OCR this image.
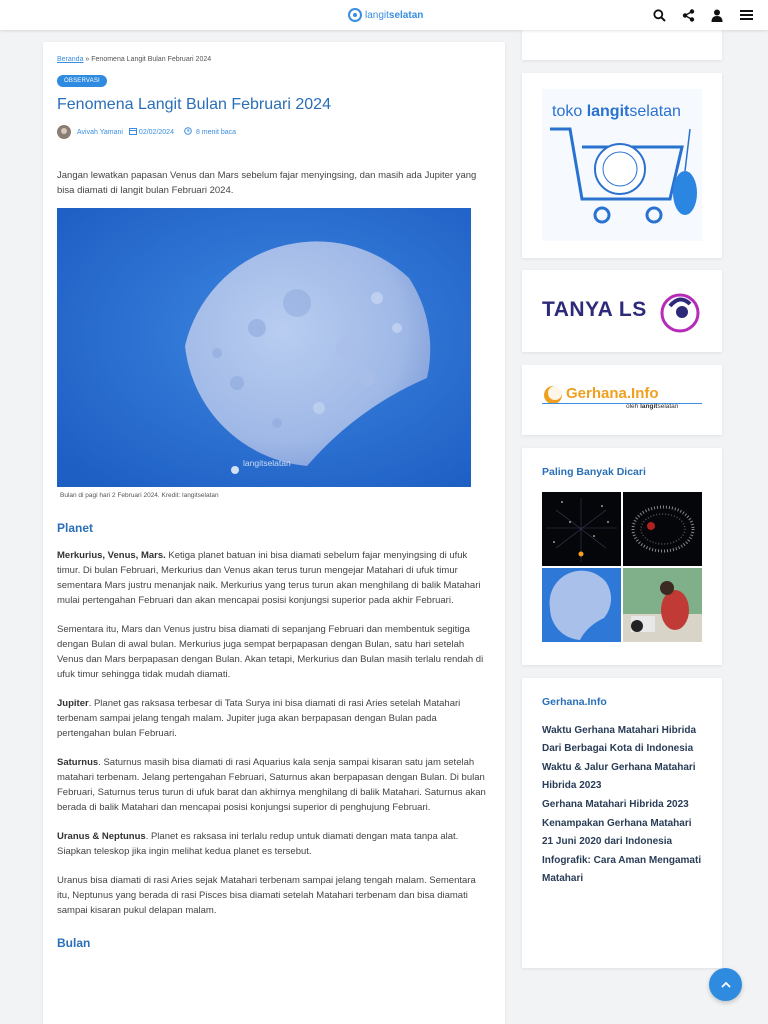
langitselatan
Beranda » Fenomena Langit Bulan Februari 2024
OBSERVASI
Fenomena Langit Bulan Februari 2024
Avivah Yamani 02/02/2024	8 menit baca

Jangan lewatkan papasan Venus dan Mars sebelum fajar menyingsing, dan masih ada Jupiter yang bisa diamati di langit bulan Februari 2024.

langitselatan
Bulan di pagi hari 2 Februari 2024. Kredit: langitselatan
Planet

Merkurius, Venus, Mars. Ketiga planet batuan ini bisa diamati sebelum fajar menyingsing di ufuk timur. Di bulan Februari, Merkurius dan Venus akan terus turun mengejar Matahari di ufuk timur sementara Mars justru menanjak naik. Merkurius yang terus turun akan menghilang di balik Matahari mulai pertengahan Februari dan akan mencapai posisi konjungsi superior pada akhir Februari.

Sementara itu, Mars dan Venus justru bisa diamati di sepanjang Februari dan membentuk segitiga dengan Bulan di awal bulan. Merkurius juga sempat berpapasan dengan Bulan, satu hari setelah Venus dan Mars berpapasan dengan Bulan. Akan tetapi, Merkurius dan Bulan masih terlalu rendah di ufuk timur sehingga tidak mudah diamati.

Jupiter. Planet gas raksasa terbesar di Tata Surya ini bisa diamati di rasi Aries setelah Matahari terbenam sampai jelang tengah malam. Jupiter juga akan berpapasan dengan Bulan pada pertengahan bulan Februari.

Saturnus. Saturnus masih bisa diamati di rasi Aquarius kala senja sampai kisaran satu jam setelah matahari terbenam. Jelang pertengahan Februari, Saturnus akan berpapasan dengan Bulan. Di bulan Februari, Saturnus terus turun di ufuk barat dan akhirnya menghilang di balik Matahari. Saturnus akan berada di balik Matahari dan mencapai posisi konjungsi superior di penghujung Februari.

Uranus & Neptunus. Planet es raksasa ini terlalu redup untuk diamati dengan mata tanpa alat. Siapkan teleskop jika ingin melihat kedua planet es tersebut.

Uranus bisa diamati di rasi Aries sejak Matahari terbenam sampai jelang tengah malam. Sementara itu, Neptunus yang berada di rasi Pisces bisa diamati setelah Matahari terbenam dan bisa diamati sampai kisaran pukul delapan malam.

Bulan
toko langitselatan
TANYA LS
Gerhana.Info
oleh langitselatan
Paling Banyak Dicari
Gerhana.Info
Waktu Gerhana Matahari Hibrida Dari Berbagai Kota di Indonesia
Waktu & Jalur Gerhana Matahari Hibrida 2023
Gerhana Matahari Hibrida 2023
Kenampakan Gerhana Matahari 21 Juni 2020 dari Indonesia
Infografik: Cara Aman Mengamati Matahari
